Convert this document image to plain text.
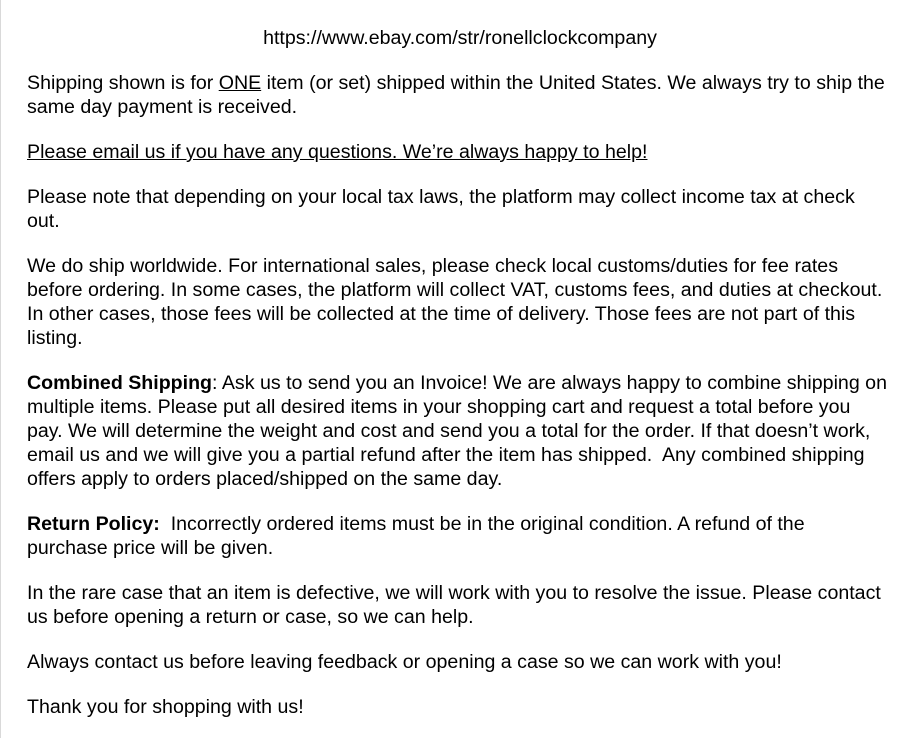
https://www.ebay.com/str/ronellclockcompany

Shipping shown is for ONE item (or set) shipped within the United States. We always try to ship the same day payment is received.

Please email us if you have any questions. We’re always happy to help!

Please note that depending on your local tax laws, the platform may collect income tax at check out.

We do ship worldwide. For international sales, please check local customs/duties for fee rates before ordering. In some cases, the platform will collect VAT, customs fees, and duties at checkout. In other cases, those fees will be collected at the time of delivery. Those fees are not part of this listing.

Combined Shipping: Ask us to send you an Invoice! We are always happy to combine shipping on multiple items. Please put all desired items in your shopping cart and request a total before you pay. We will determine the weight and cost and send you a total for the order. If that doesn’t work, email us and we will give you a partial refund after the item has shipped.  Any combined shipping offers apply to orders placed/shipped on the same day.

Return Policy:  Incorrectly ordered items must be in the original condition. A refund of the purchase price will be given.

In the rare case that an item is defective, we will work with you to resolve the issue. Please contact us before opening a return or case, so we can help.

Always contact us before leaving feedback or opening a case so we can work with you!

Thank you for shopping with us!
